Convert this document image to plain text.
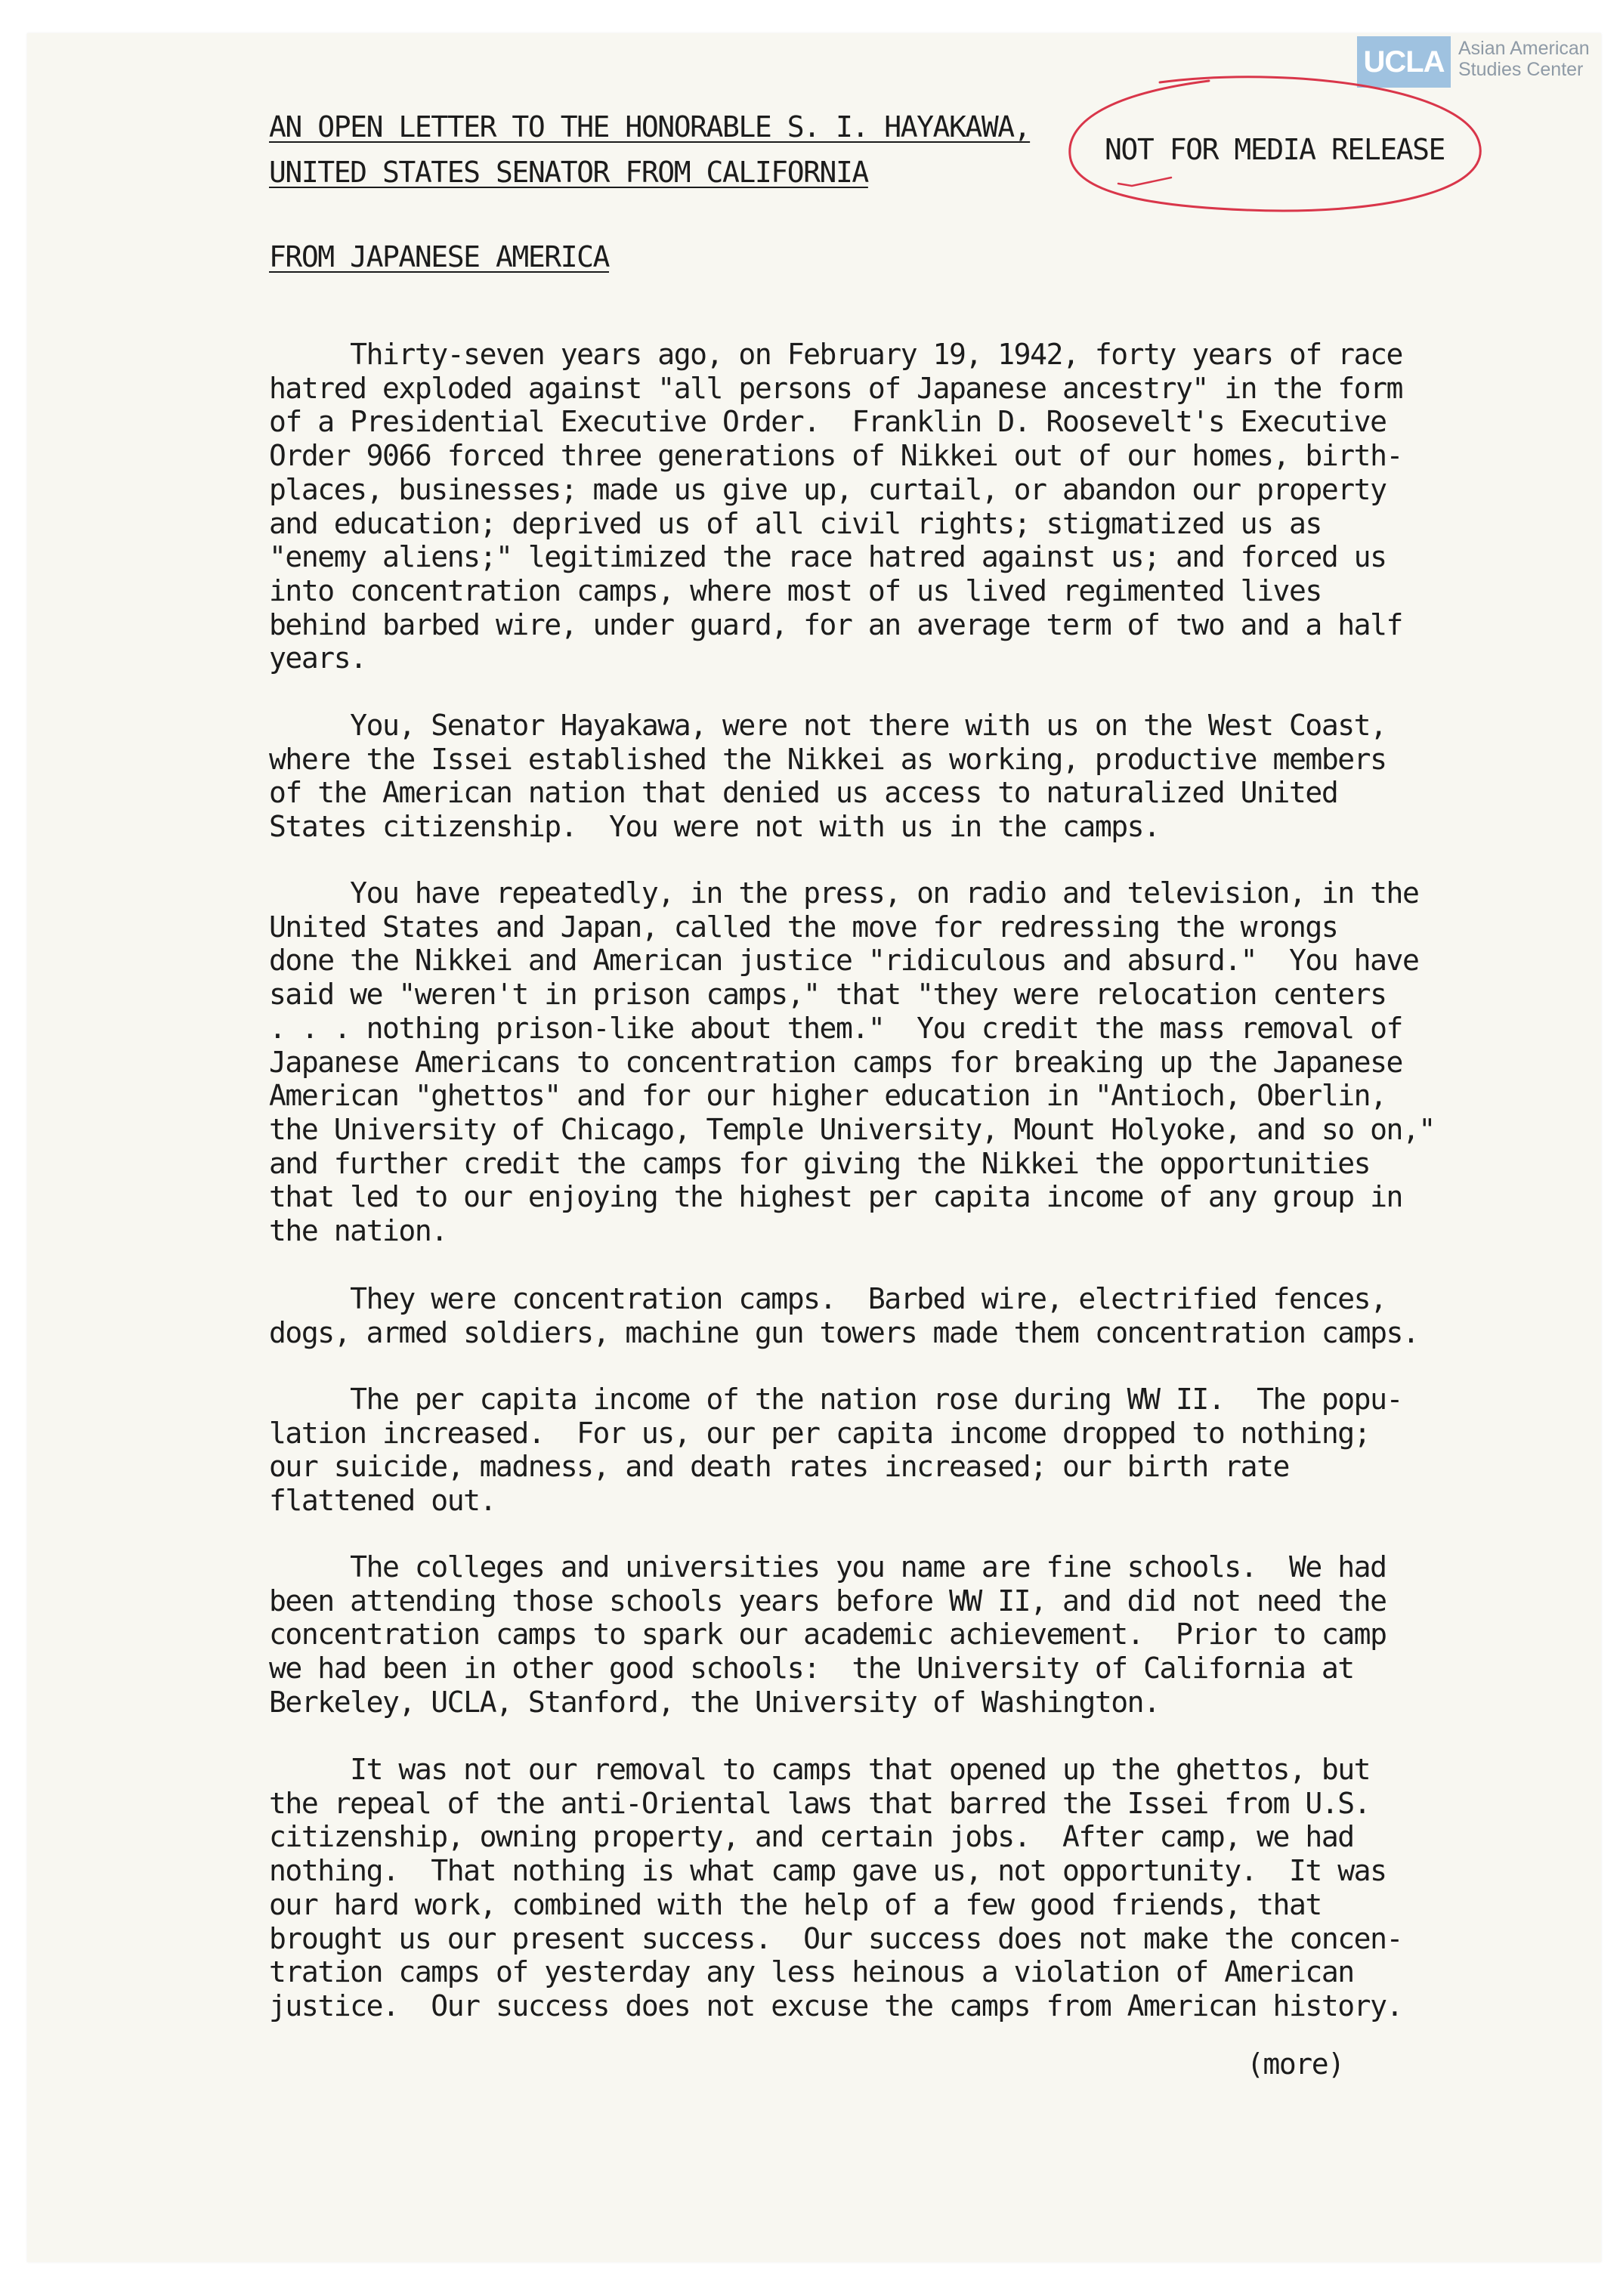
UCLA Asian American
Studies Center
AN OPEN LETTER TO THE HONORABLE S. I. HAYAKAWA,
UNITED STATES SENATOR FROM CALIFORNIA
FROM JAPANESE AMERICA
NOT FOR MEDIA RELEASE
Thirty-seven years ago, on February 19, 1942, forty years of race
hatred exploded against "all persons of Japanese ancestry" in the form
of a Presidential Executive Order.  Franklin D. Roosevelt's Executive
Order 9066 forced three generations of Nikkei out of our homes, birth-
places, businesses; made us give up, curtail, or abandon our property
and education; deprived us of all civil rights; stigmatized us as
"enemy aliens;" legitimized the race hatred against us; and forced us
into concentration camps, where most of us lived regimented lives
behind barbed wire, under guard, for an average term of two and a half
years.
You, Senator Hayakawa, were not there with us on the West Coast,
where the Issei established the Nikkei as working, productive members
of the American nation that denied us access to naturalized United
States citizenship.  You were not with us in the camps.
You have repeatedly, in the press, on radio and television, in the
United States and Japan, called the move for redressing the wrongs
done the Nikkei and American justice "ridiculous and absurd."  You have
said we "weren't in prison camps," that "they were relocation centers
. . . nothing prison-like about them."  You credit the mass removal of
Japanese Americans to concentration camps for breaking up the Japanese
American "ghettos" and for our higher education in "Antioch, Oberlin,
the University of Chicago, Temple University, Mount Holyoke, and so on,"
and further credit the camps for giving the Nikkei the opportunities
that led to our enjoying the highest per capita income of any group in
the nation.
They were concentration camps.  Barbed wire, electrified fences,
dogs, armed soldiers, machine gun towers made them concentration camps.
The per capita income of the nation rose during WW II.  The popu-
lation increased.  For us, our per capita income dropped to nothing;
our suicide, madness, and death rates increased; our birth rate
flattened out.
The colleges and universities you name are fine schools.  We had
been attending those schools years before WW II, and did not need the
concentration camps to spark our academic achievement.  Prior to camp
we had been in other good schools:  the University of California at
Berkeley, UCLA, Stanford, the University of Washington.
It was not our removal to camps that opened up the ghettos, but
the repeal of the anti-Oriental laws that barred the Issei from U.S.
citizenship, owning property, and certain jobs.  After camp, we had
nothing.  That nothing is what camp gave us, not opportunity.  It was
our hard work, combined with the help of a few good friends, that
brought us our present success.  Our success does not make the concen-
tration camps of yesterday any less heinous a violation of American
justice.  Our success does not excuse the camps from American history.
(more)
